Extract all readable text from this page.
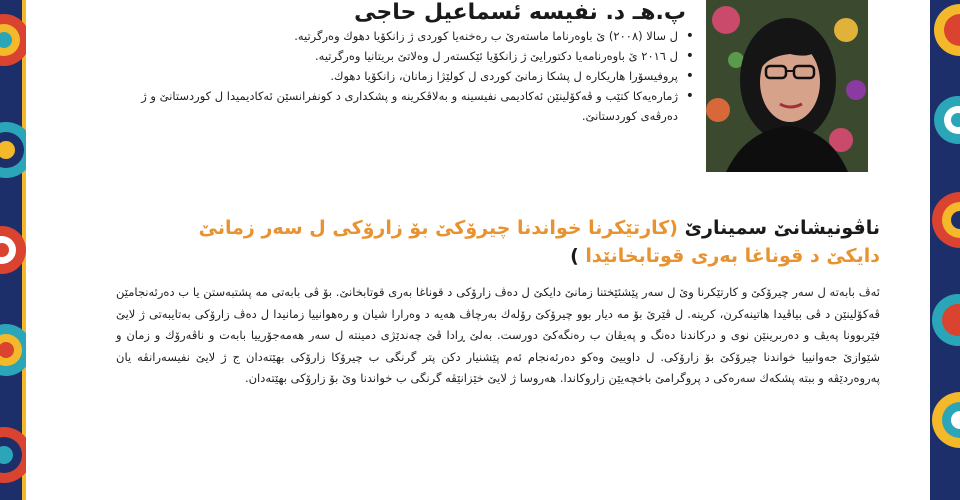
پ.هـ د. نفیسە ئسماعیل حاجی
•
ل سالا (٢٠٠٨) ێ باوەرناما ماستەرێ ب رەخنەیا كوردی ژ زانكۆیا دهوك وەرگرتیە.
•
ل ٢٠١٦ ێ باوەرنامەیا دكتورایێ ژ زانكۆیا ئێكستەر ل وەلاتێ بریتانیا وەرگرتیە.
•
پروفیسۆرا هاریكارە ل پشكا زمانێ كوردی ل كولێژا زمانان، زانكۆیا دهوك.
•
ژمارەیەكا كتێب و ڤەكۆلینێن ئەكادیمی نفیسینە و بەلاڤكرینە و پشكداری د كونفرانسێن ئەكادیمیدا ل كوردستانێ و ژ دەرڤەی كوردستانێ.
ناڤونیشانێ سمینارێ (كارتێكرنا خواندنا چیرۆكێ بۆ زارۆكی ل سەر زمانێ
دایكێ د قوناغا بەری قوتابخانێدا )

ئەڤ بابەتە ل سەر چیرۆكێ و كارتێكرنا وێ ل سەر پێشئێختنا زمانێ دایكێ ل دەڤ زارۆكی د قوناغا بەری قوتابخانێ. بۆ ڤی بابەتی مە پشتبەستن یا ب دەرئەنجامێن ڤەكۆلینێن د ڤی بیاڤیدا هاتینەكرن، كرینە. ل ڤێرێ بۆ مە دیار بوو چیرۆكێ رۆلەك بەرچاڤ هەیە د وەرارا شیان و رەهوانییا زمانیدا ل دەڤ زارۆكی بەتایبەتی ژ لایێ فێربوونا پەیڤ و دەربرینێن نوی و دركاندنا دەنگ و پەیڤان ب رەنگەكێ دورست. بەلێ ڕادا ڤێ چەندێژی دمینتە ل سەر هەمەجۆرییا بابەت و ناڤەرۆك و زمان و شێوازێ جەوانییا خواندنا چیرۆكێ بۆ زارۆكی. ل داوییێ وەكو دەرئەنجام ئەم پێشنیار دكن پتر گرنگی ب چیرۆكا زارۆكی بهێتەدان ج ژ لایێ نفیسەرانڤە یان پەروەردێڤە و ببتە پشكەك سەرەكی د پروگرامێ باخچەیێن زاروكاندا. هەروسا ژ لایێ خێزانێڤە گرنگی ب خواندنا وێ بۆ زارۆكی بهێتەدان.
